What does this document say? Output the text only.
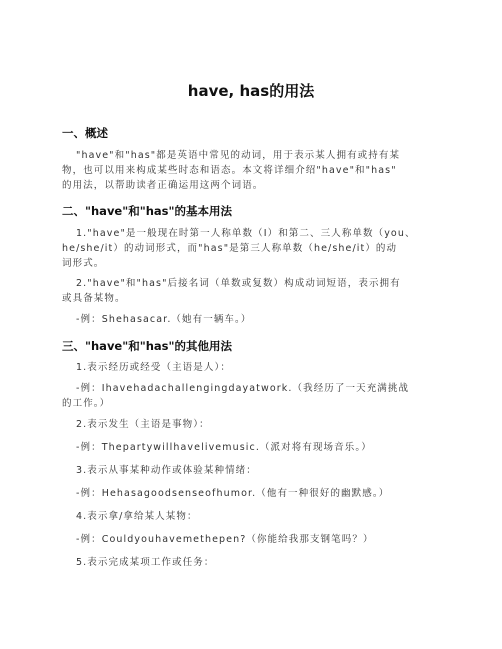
have, has的用法
一、概述
"have"和"has"都是英语中常见的动词，用于表示某人拥有或持有某
物，也可以用来构成某些时态和语态。本文将详细介绍"have"和"has"
的用法，以帮助读者正确运用这两个词语。
二、"have"和"has"的基本用法
1."have"是一般现在时第一人称单数（I）和第二、三人称单数（you、
he/she/it）的动词形式，而"has"是第三人称单数（he/she/it）的动
词形式。
2."have"和"has"后接名词（单数或复数）构成动词短语，表示拥有
或具备某物。
-例：Shehasacar.（她有一辆车。）
三、"have"和"has"的其他用法
1.表示经历或经受（主语是人）：
-例：Ihavehadachallengingdayatwork.（我经历了一天充满挑战
的工作。）
2.表示发生（主语是事物）：
-例：Thepartywillhavelivemusic.（派对将有现场音乐。）
3.表示从事某种动作或体验某种情绪：
-例：Hehasagoodsenseofhumor.（他有一种很好的幽默感。）
4.表示拿/拿给某人某物：
-例：Couldyouhavemethepen?（你能给我那支钢笔吗？）
5.表示完成某项工作或任务：
